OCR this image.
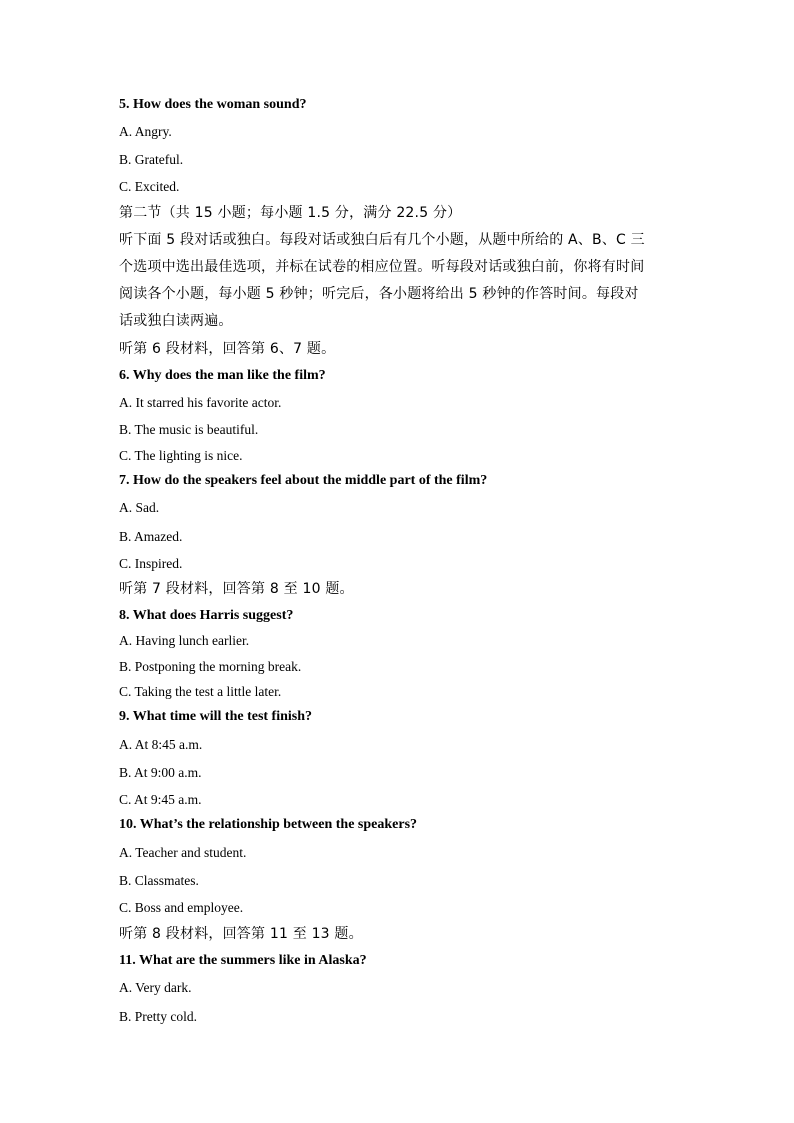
5. How does the woman sound?
A. Angry.
B. Grateful.
C. Excited.
第二节（共 15 小题；每小题 1.5 分，满分 22.5 分）
听下面 5 段对话或独白。每段对话或独白后有几个小题，从题中所给的 A、B、C 三
个选项中选出最佳选项，并标在试卷的相应位置。听每段对话或独白前，你将有时间
阅读各个小题，每小题 5 秒钟；听完后，各小题将给出 5 秒钟的作答时间。每段对
话或独白读两遍。
听第 6 段材料，回答第 6、7 题。
6. Why does the man like the film?
A. It starred his favorite actor.
B. The music is beautiful.
C. The lighting is nice.
7. How do the speakers feel about the middle part of the film?
A. Sad.
B. Amazed.
C. Inspired.
听第 7 段材料，回答第 8 至 10 题。
8. What does Harris suggest?
A. Having lunch earlier.
B. Postponing the morning break.
C. Taking the test a little later.
9. What time will the test finish?
A. At 8:45 a.m.
B. At 9:00 a.m.
C. At 9:45 a.m.
10. What’s the relationship between the speakers?
A. Teacher and student.
B. Classmates.
C. Boss and employee.
听第 8 段材料，回答第 11 至 13 题。
11. What are the summers like in Alaska?
A. Very dark.
B. Pretty cold.
